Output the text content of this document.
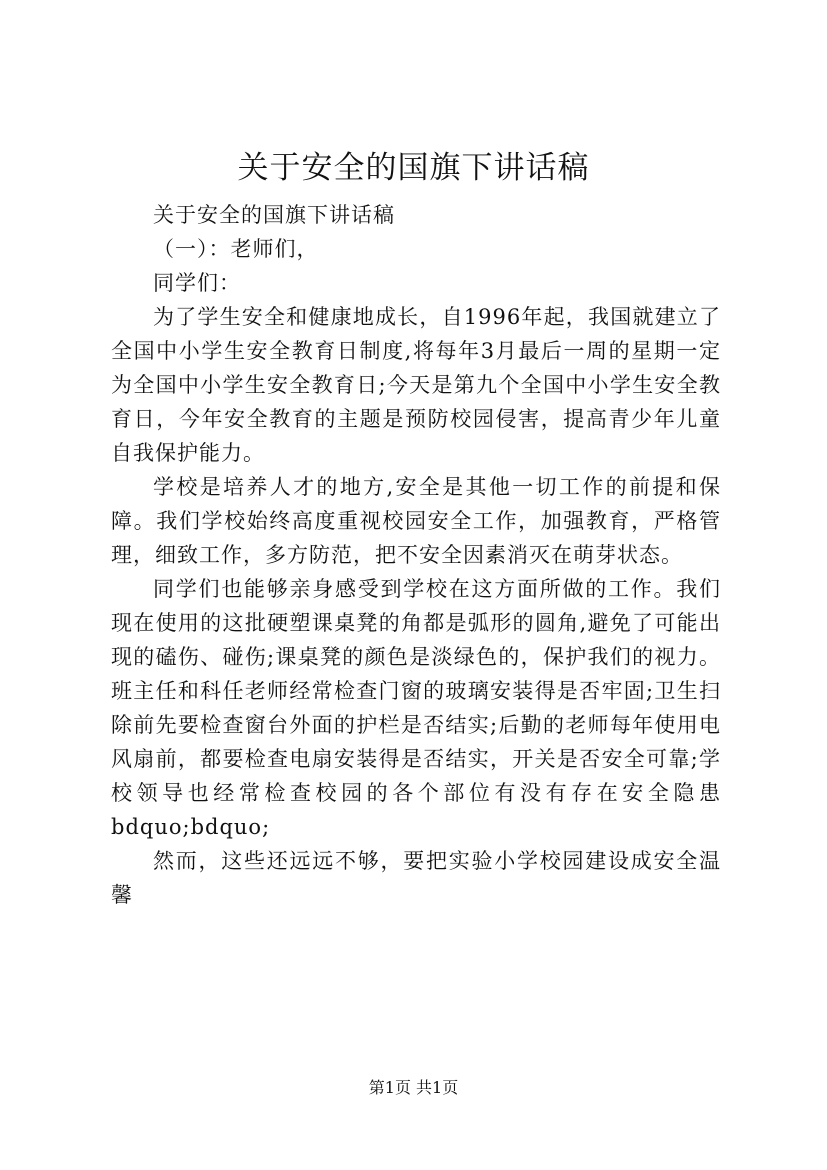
关于安全的国旗下讲话稿

关于安全的国旗下讲话稿

（一）：老师们，

同学们：

为了学生安全和健康地成长，自1996年起，我国就建立了全国中小学生安全教育日制度,将每年3月最后一周的星期一定为全国中小学生安全教育日;今天是第九个全国中小学生安全教育日，今年安全教育的主题是预防校园侵害，提高青少年儿童自我保护能力。

学校是培养人才的地方,安全是其他一切工作的前提和保障。我们学校始终高度重视校园安全工作，加强教育，严格管理，细致工作，多方防范，把不安全因素消灭在萌芽状态。

同学们也能够亲身感受到学校在这方面所做的工作。我们现在使用的这批硬塑课桌凳的角都是弧形的圆角,避免了可能出现的磕伤、碰伤;课桌凳的颜色是淡绿色的，保护我们的视力。班主任和科任老师经常检查门窗的玻璃安装得是否牢固;卫生扫除前先要检查窗台外面的护栏是否结实;后勤的老师每年使用电风扇前，都要检查电扇安装得是否结实，开关是否安全可靠;学校领导也经常检查校园的各个部位有没有存在安全隐患bdquo;bdquo;

然而，这些还远远不够，要把实验小学校园建设成安全温馨

第1页 共1页
